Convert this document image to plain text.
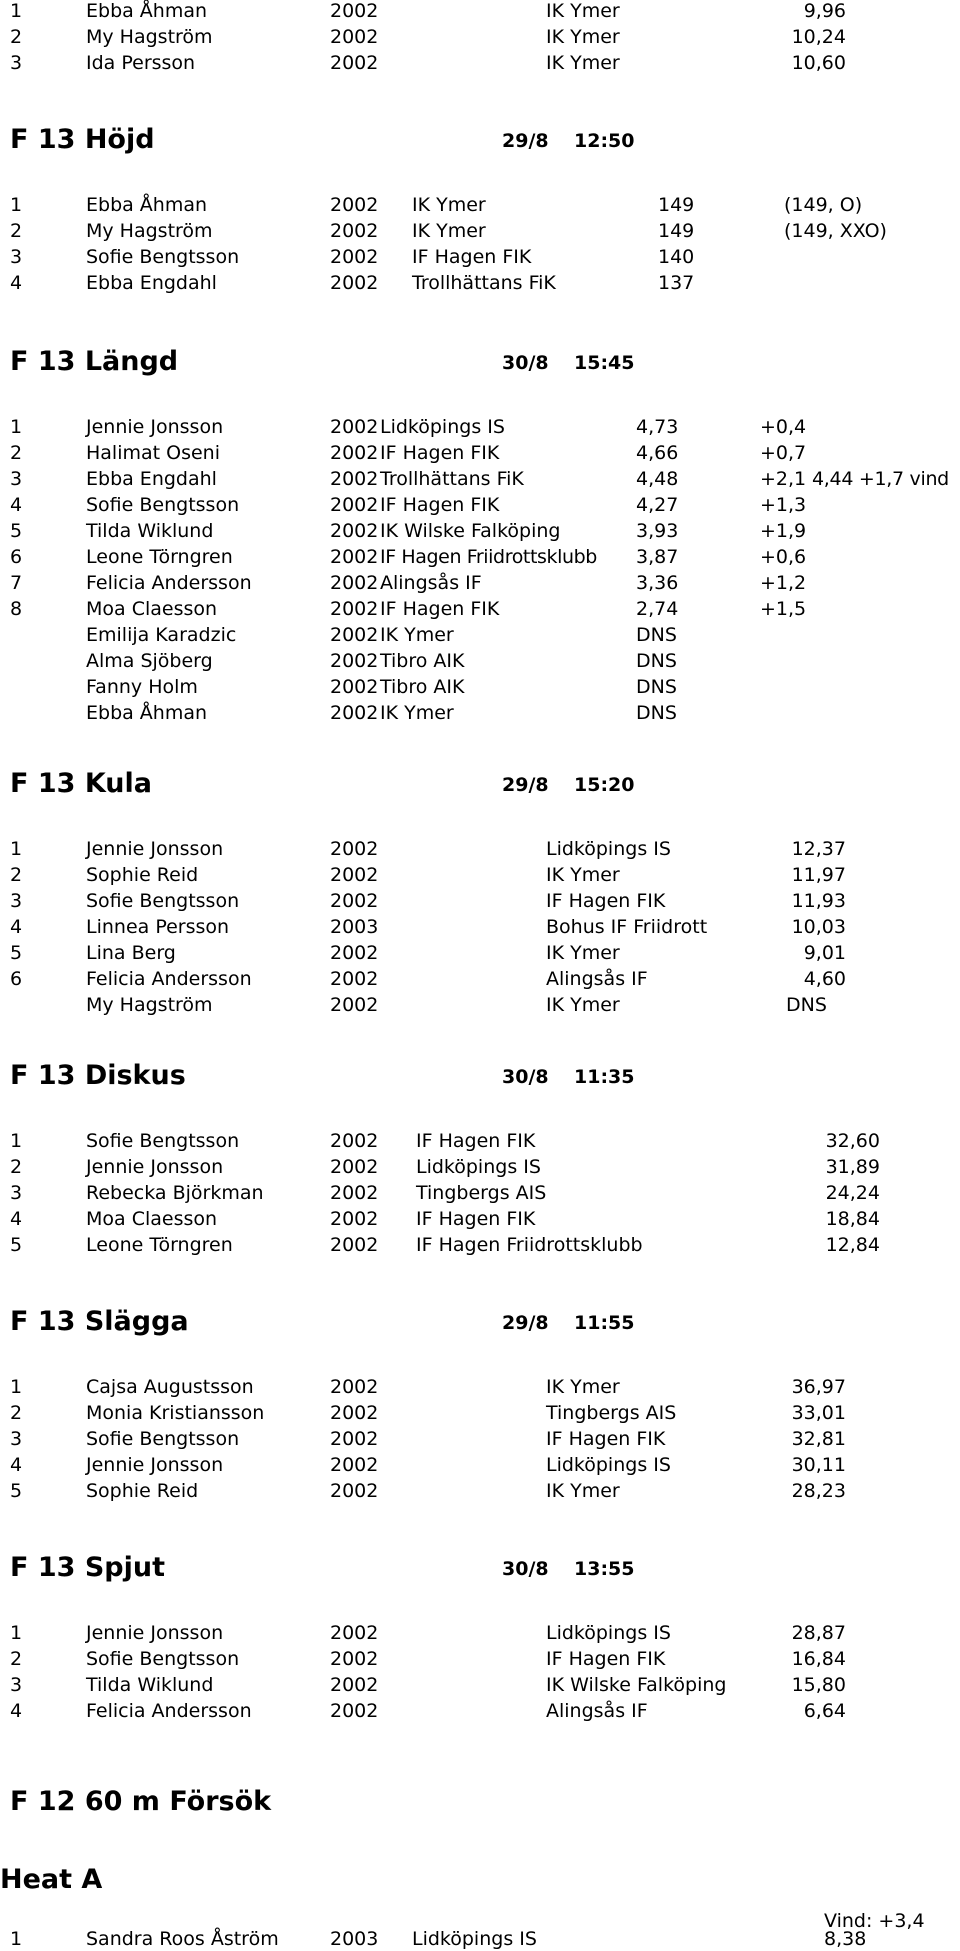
1	Ebba Åhman	2002	IK Ymer	9,96
2	My Hagström	2002	IK Ymer	10,24
3	Ida Persson	2002	IK Ymer	10,60
F 13 Höjd	29/8 12:50
1	Ebba Åhman	2002 IK Ymer	149	(149, O)
2	My Hagström	2002 IK Ymer	149	(149, XXO)
3	Sofie Bengtsson	2002 IF Hagen FIK	140
4	Ebba Engdahl	2002 Trollhättans FiK	137
F 13 Längd	30/8 15:45
1	Jennie Jonsson	2002 Lidköpings IS	4,73	+0,4
2	Halimat Oseni	2002 IF Hagen FIK	4,66	+0,7
3	Ebba Engdahl	2002 Trollhättans FiK	4,48	+2,1 4,44 +1,7 vind
4	Sofie Bengtsson	2002 IF Hagen FIK	4,27	+1,3
5	Tilda Wiklund	2002 IK Wilske Falköping	3,93	+1,9
6	Leone Törngren	2002 IF Hagen Friidrottsklubb 3,87	+0,6
7	Felicia Andersson	2002 Alingsås IF	3,36	+1,2
8	Moa Claesson	2002 IF Hagen FIK	2,74	+1,5
Emilija Karadzic	2002 IK Ymer	DNS
Alma Sjöberg	2002 Tibro AIK	DNS
Fanny Holm	2002 Tibro AIK	DNS
Ebba Åhman	2002 IK Ymer	DNS
F 13 Kula	29/8 15:20
1	Jennie Jonsson	2002	Lidköpings IS	12,37
2	Sophie Reid	2002	IK Ymer	11,97
3	Sofie Bengtsson	2002	IF Hagen FIK	11,93
4	Linnea Persson	2003	Bohus IF Friidrott	10,03
5	Lina Berg	2002	IK Ymer	9,01
6	Felicia Andersson	2002	Alingsås IF	4,60
My Hagström	2002	IK Ymer	DNS
F 13 Diskus	30/8 11:35
1	Sofie Bengtsson	2002 IF Hagen FIK	32,60
2	Jennie Jonsson	2002 Lidköpings IS	31,89
3	Rebecka Björkman	2002 Tingbergs AIS	24,24
4	Moa Claesson	2002 IF Hagen FIK	18,84
5	Leone Törngren	2002 IF Hagen Friidrottsklubb	12,84
F 13 Slägga	29/8 11:55
1	Cajsa Augustsson	2002	IK Ymer	36,97
2	Monia Kristiansson	2002	Tingbergs AIS	33,01
3	Sofie Bengtsson	2002	IF Hagen FIK	32,81
4	Jennie Jonsson	2002	Lidköpings IS	30,11
5	Sophie Reid	2002	IK Ymer	28,23
F 13 Spjut	30/8 13:55
1	Jennie Jonsson	2002	Lidköpings IS	28,87
2	Sofie Bengtsson	2002	IF Hagen FIK	16,84
3	Tilda Wiklund	2002	IK Wilske Falköping	15,80
4	Felicia Andersson	2002	Alingsås IF	6,64
F 12 60 m Försök
Heat A
Vind: +3,4
1	Sandra Roos Åström	2003 Lidköpings IS	8,38
